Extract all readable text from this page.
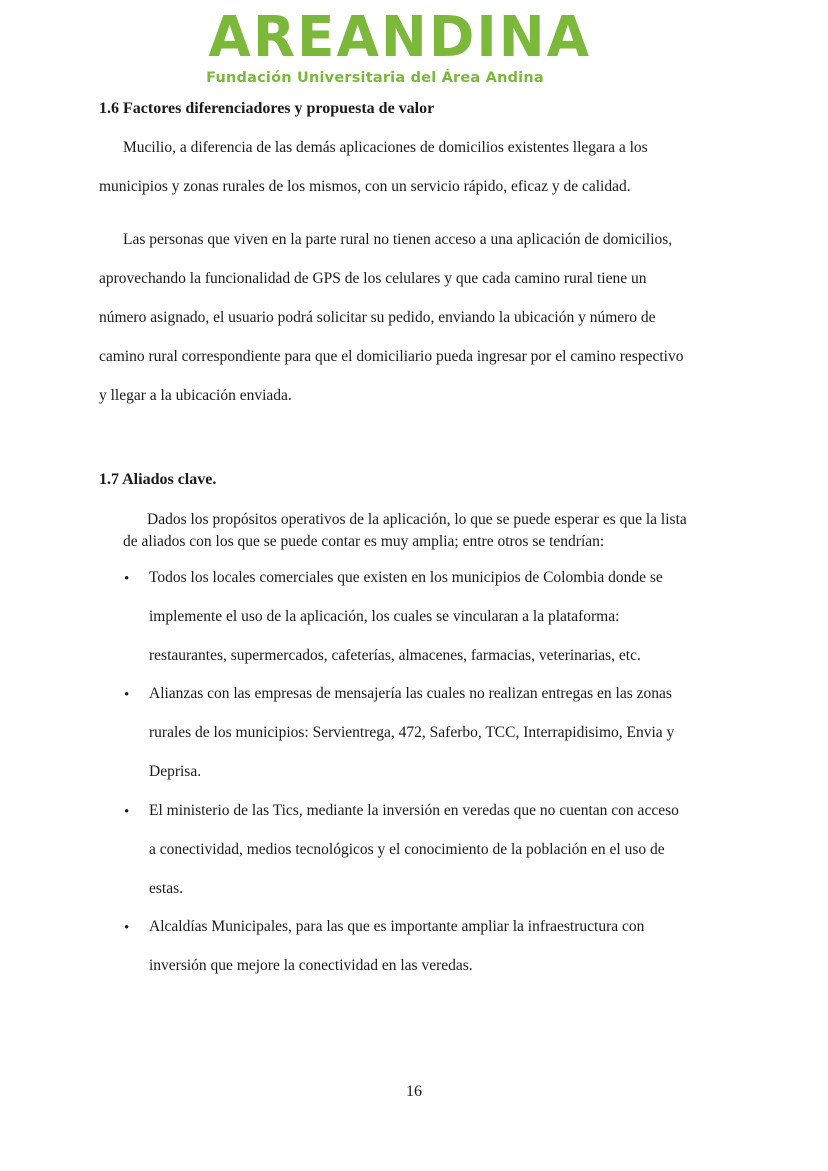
AREANDINA
Fundación Universitaria del Área Andina
1.6 Factores diferenciadores y propuesta de valor
Mucilio, a diferencia de las demás aplicaciones de domicilios existentes llegara a los
municipios y zonas rurales de los mismos, con un servicio rápido, eficaz y de calidad.
Las personas que viven en la parte rural no tienen acceso a una aplicación de domicilios,
aprovechando la funcionalidad de GPS de los celulares y que cada camino rural tiene un
número asignado, el usuario podrá solicitar su pedido, enviando la ubicación y número de
camino rural correspondiente para que el domiciliario pueda ingresar por el camino respectivo
y llegar a la ubicación enviada.
1.7 Aliados clave.
Dados los propósitos operativos de la aplicación, lo que se puede esperar es que la lista
de aliados con los que se puede contar es muy amplia; entre otros se tendrían:
• Todos los locales comerciales que existen en los municipios de Colombia donde se
implemente el uso de la aplicación, los cuales se vincularan a la plataforma:
restaurantes, supermercados, cafeterías, almacenes, farmacias, veterinarias, etc.
• Alianzas con las empresas de mensajería las cuales no realizan entregas en las zonas
rurales de los municipios: Servientrega, 472, Saferbo, TCC, Interrapidisimo, Envia y
Deprisa.
• El ministerio de las Tics, mediante la inversión en veredas que no cuentan con acceso
a conectividad, medios tecnológicos y el conocimiento de la población en el uso de
estas.
• Alcaldías Municipales, para las que es importante ampliar la infraestructura con
inversión que mejore la conectividad en las veredas.
16
